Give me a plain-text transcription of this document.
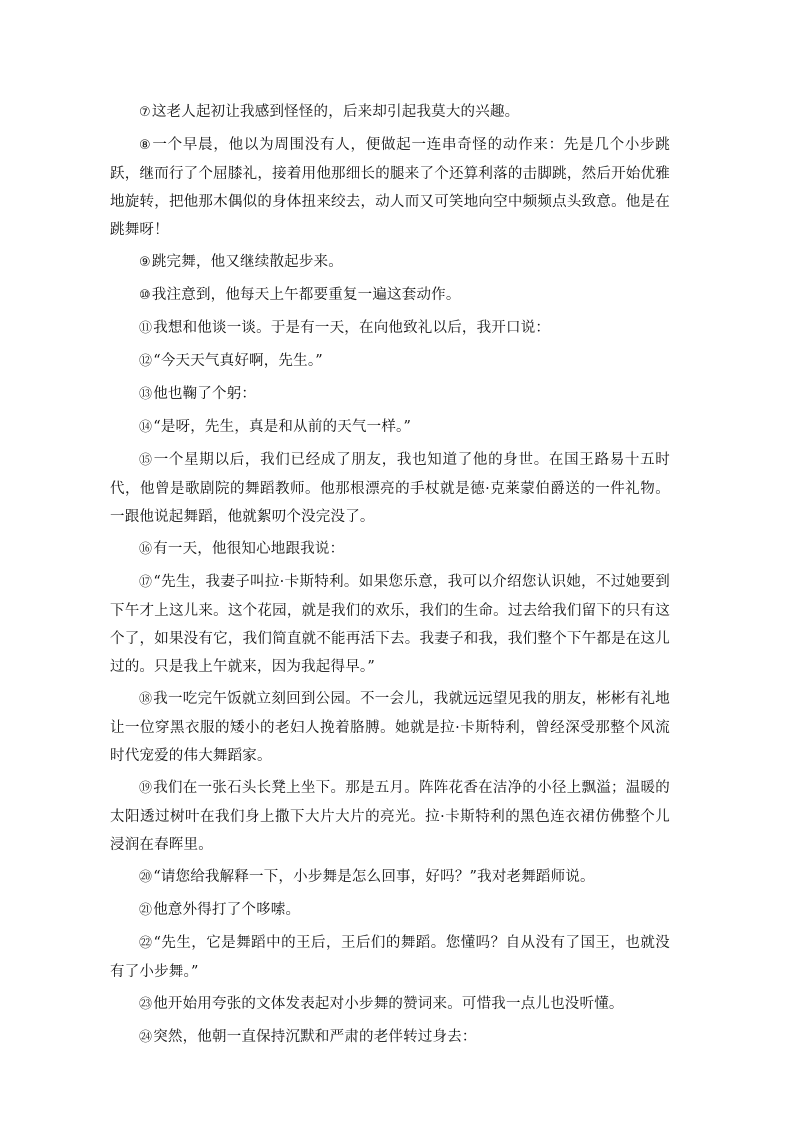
⑦这老人起初让我感到怪怪的，后来却引起我莫大的兴趣。

⑧一个早晨，他以为周围没有人，便做起一连串奇怪的动作来：先是几个小步跳跃，继而行了个屈膝礼，接着用他那细长的腿来了个还算利落的击脚跳，然后开始优雅地旋转，把他那木偶似的身体扭来绞去，动人而又可笑地向空中频频点头致意。他是在跳舞呀！

⑨跳完舞，他又继续散起步来。

⑩我注意到，他每天上午都要重复一遍这套动作。

⑪我想和他谈一谈。于是有一天，在向他致礼以后，我开口说：

⑫“今天天气真好啊，先生。”

⑬他也鞠了个躬：

⑭“是呀，先生，真是和从前的天气一样。”

⑮一个星期以后，我们已经成了朋友，我也知道了他的身世。在国王路易十五时代，他曾是歌剧院的舞蹈教师。他那根漂亮的手杖就是德·克莱蒙伯爵送的一件礼物。一跟他说起舞蹈，他就絮叨个没完没了。

⑯有一天，他很知心地跟我说：

⑰“先生，我妻子叫拉·卡斯特利。如果您乐意，我可以介绍您认识她，不过她要到下午才上这儿来。这个花园，就是我们的欢乐，我们的生命。过去给我们留下的只有这个了，如果没有它，我们简直就不能再活下去。我妻子和我，我们整个下午都是在这儿过的。只是我上午就来，因为我起得早。”

⑱我一吃完午饭就立刻回到公园。不一会儿，我就远远望见我的朋友，彬彬有礼地让一位穿黑衣服的矮小的老妇人挽着胳膊。她就是拉·卡斯特利，曾经深受那整个风流时代宠爱的伟大舞蹈家。

⑲我们在一张石头长凳上坐下。那是五月。阵阵花香在洁净的小径上飘溢；温暖的太阳透过树叶在我们身上撒下大片大片的亮光。拉·卡斯特利的黑色连衣裙仿佛整个儿浸润在春晖里。

⑳“请您给我解释一下，小步舞是怎么回事，好吗？”我对老舞蹈师说。

㉑他意外得打了个哆嗦。

㉒“先生，它是舞蹈中的王后，王后们的舞蹈。您懂吗？自从没有了国王，也就没有了小步舞。”

㉓他开始用夸张的文体发表起对小步舞的赞词来。可惜我一点儿也没听懂。

㉔突然，他朝一直保持沉默和严肃的老伴转过身去：
